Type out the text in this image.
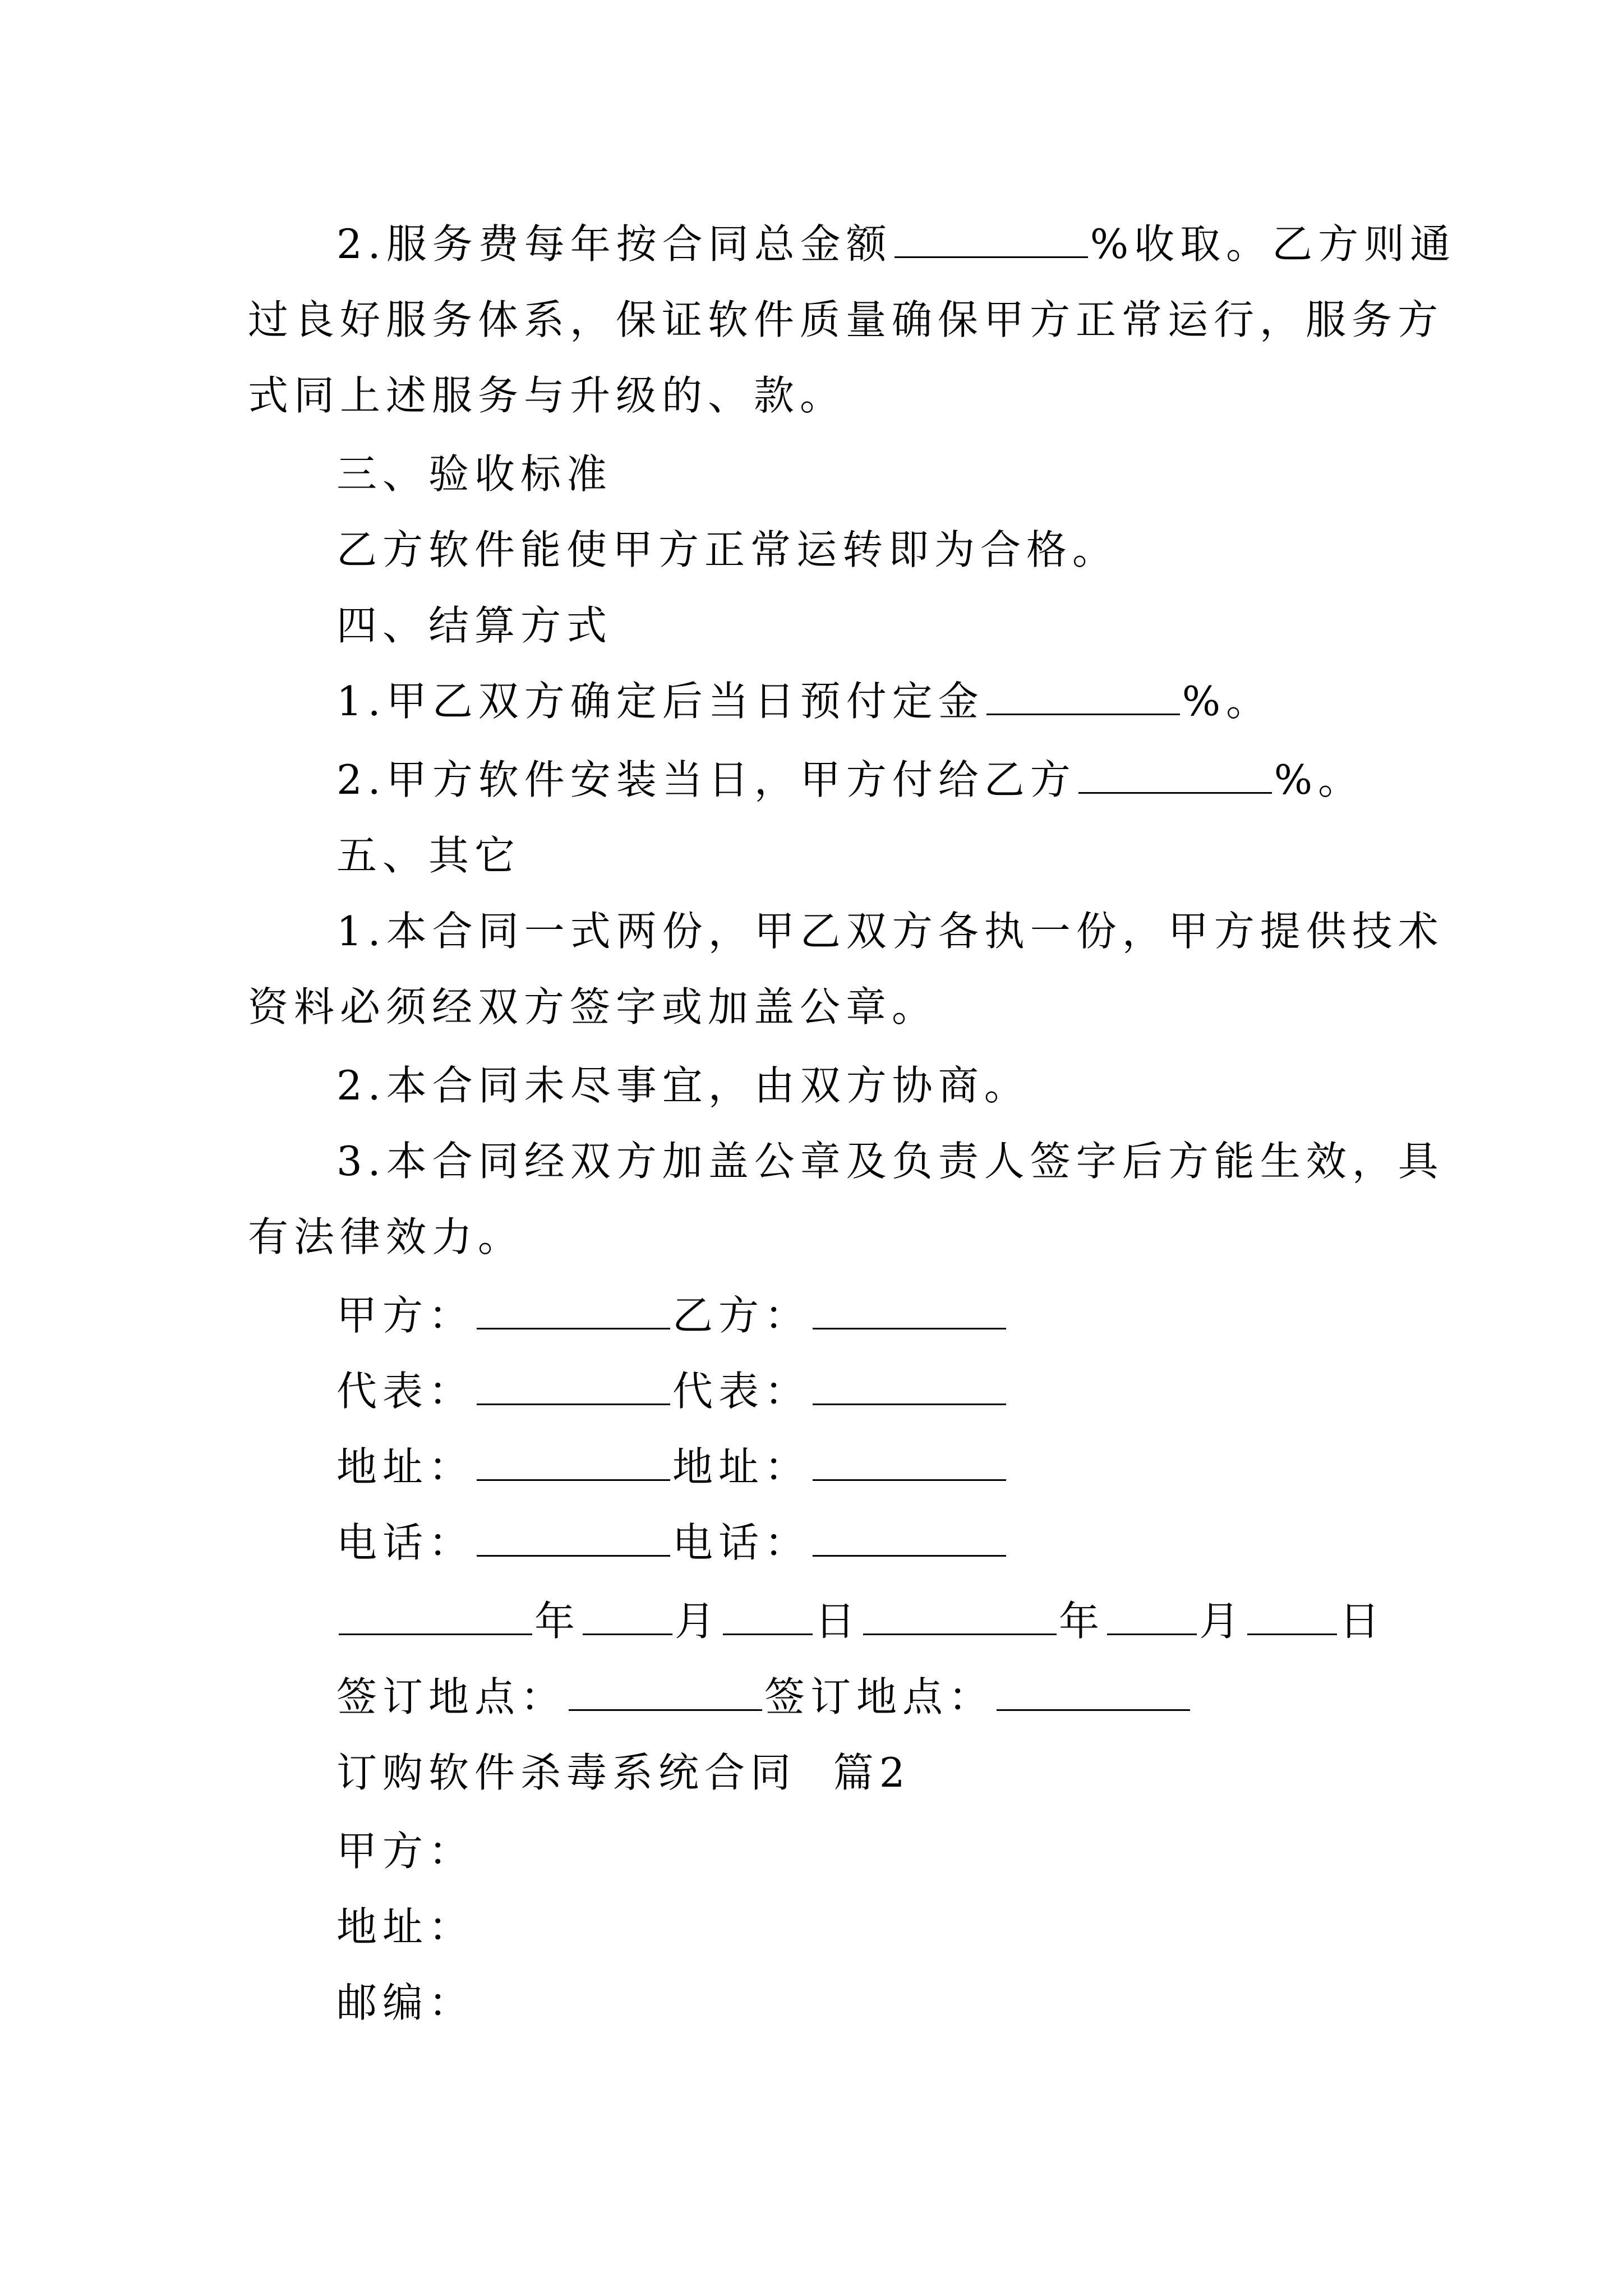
2.服务费每年按合同总金额	%收取。乙方则通
过良好服务体系，保证软件质量确保甲方正常运行，服务方
式同上述服务与升级的、款。
三、验收标准
乙方软件能使甲方正常运转即为合格。
四、结算方式
1.甲乙双方确定后当日预付定金	%。
2.甲方软件安装当日，甲方付给乙方	%。
五、其它
1.本合同一式两份，甲乙双方各执一份，甲方提供技术
资料必须经双方签字或加盖公章。
2.本合同未尽事宜，由双方协商。
3.本合同经双方加盖公章及负责人签字后方能生效，具
有法律效力。
甲方：	乙方：
代表：	代表：
地址：	地址：
电话：	电话：
年 月 日	年 月 日
签订地点：	签订地点：
订购软件杀毒系统合同  篇2
甲方：
地址：
邮编：
